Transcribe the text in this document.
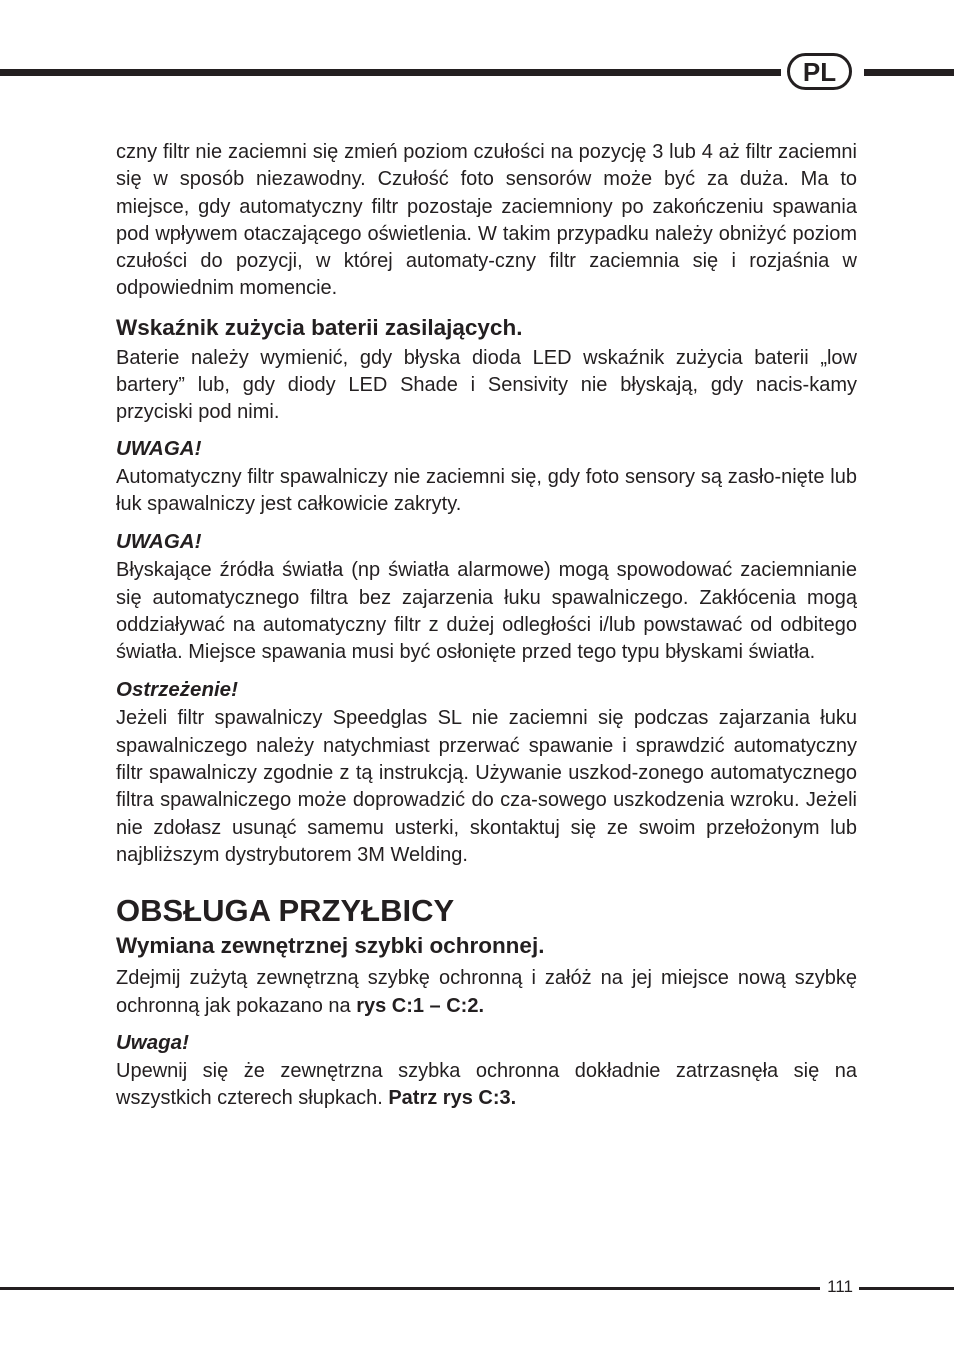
PL

czny filtr nie zaciemni się zmień poziom czułości na pozycję 3 lub 4 aż filtr zaciemni się w sposób niezawodny. Czułość foto sensorów może być za duża. Ma to miejsce, gdy automatyczny filtr pozostaje zaciemniony po zakończeniu spawania pod wpływem otaczającego oświetlenia. W takim przypadku należy obniżyć poziom czułości do pozycji, w której automaty-czny filtr zaciemnia się i rozjaśnia w odpowiednim momencie.

Wskaźnik zużycia baterii zasilających.

Baterie należy wymienić, gdy błyska dioda LED wskaźnik zużycia baterii „low bartery” lub, gdy diody LED Shade i Sensivity nie błyskają, gdy nacis-kamy przyciski pod nimi.

UWAGA!

Automatyczny filtr spawalniczy nie zaciemni się, gdy foto sensory są zasło-nięte lub łuk spawalniczy jest całkowicie zakryty.

UWAGA!

Błyskające źródła światła (np światła alarmowe) mogą spowodować zaciemnianie się automatycznego filtra bez zajarzenia łuku spawalniczego. Zakłócenia mogą oddziaływać na automatyczny filtr z dużej odległości i/lub powstawać od odbitego światła. Miejsce spawania musi być osłonięte przed tego typu błyskami światła.

Ostrzeżenie!

Jeżeli filtr spawalniczy Speedglas SL nie zaciemni się podczas zajarzania łuku spawalniczego należy natychmiast przerwać spawanie i sprawdzić automatyczny filtr spawalniczy zgodnie z tą instrukcją. Używanie uszkod-zonego automatycznego filtra spawalniczego może doprowadzić do cza-sowego uszkodzenia wzroku. Jeżeli nie zdołasz usunąć samemu usterki, skontaktuj się ze swoim przełożonym lub najbliższym dystrybutorem 3M Welding.

OBSŁUGA PRZYŁBICY
Wymiana zewnętrznej szybki ochronnej.

Zdejmij zużytą zewnętrzną szybkę ochronną i załóż na jej miejsce nową szybkę ochronną jak pokazano na rys C:1 – C:2.

Uwaga!

Upewnij się że zewnętrzna szybka ochronna dokładnie zatrzasnęła się na wszystkich czterech słupkach. Patrz rys C:3.

111
